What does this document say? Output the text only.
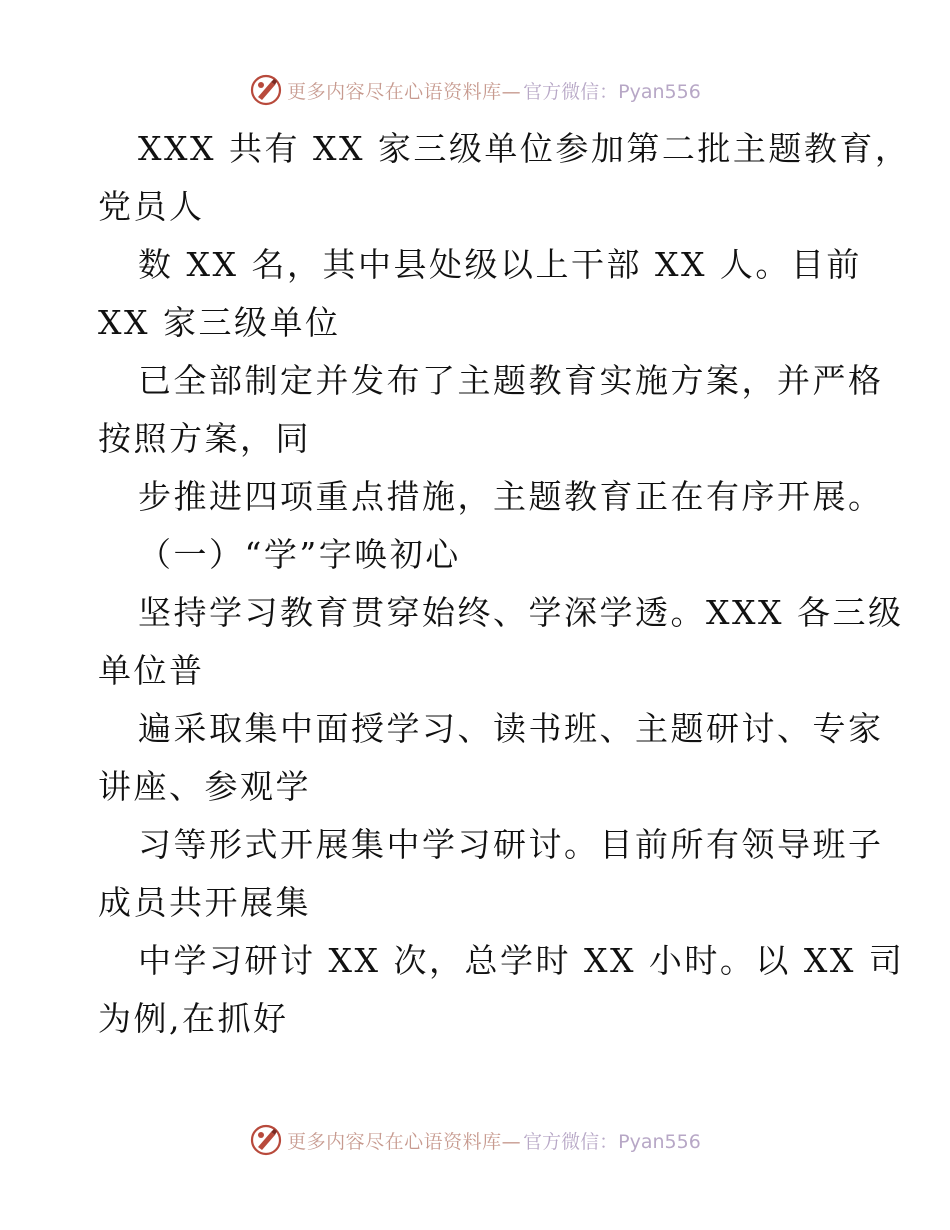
更多内容尽在心语资料库— 官方微信：Pyan556
XXX 共有 XX 家三级单位参加第二批主题教育，
党员人
数 XX 名，其中县处级以上干部 XX 人。目前
XX 家三级单位
已全部制定并发布了主题教育实施方案，并严格
按照方案，同
步推进四项重点措施，主题教育正在有序开展。
（一）“学”字唤初心
坚持学习教育贯穿始终、学深学透。XXX 各三级
单位普
遍采取集中面授学习、读书班、主题研讨、专家
讲座、参观学
习等形式开展集中学习研讨。目前所有领导班子
成员共开展集
中学习研讨 XX 次，总学时 XX 小时。以 XX 司
为例,在抓好
更多内容尽在心语资料库— 官方微信：Pyan556
